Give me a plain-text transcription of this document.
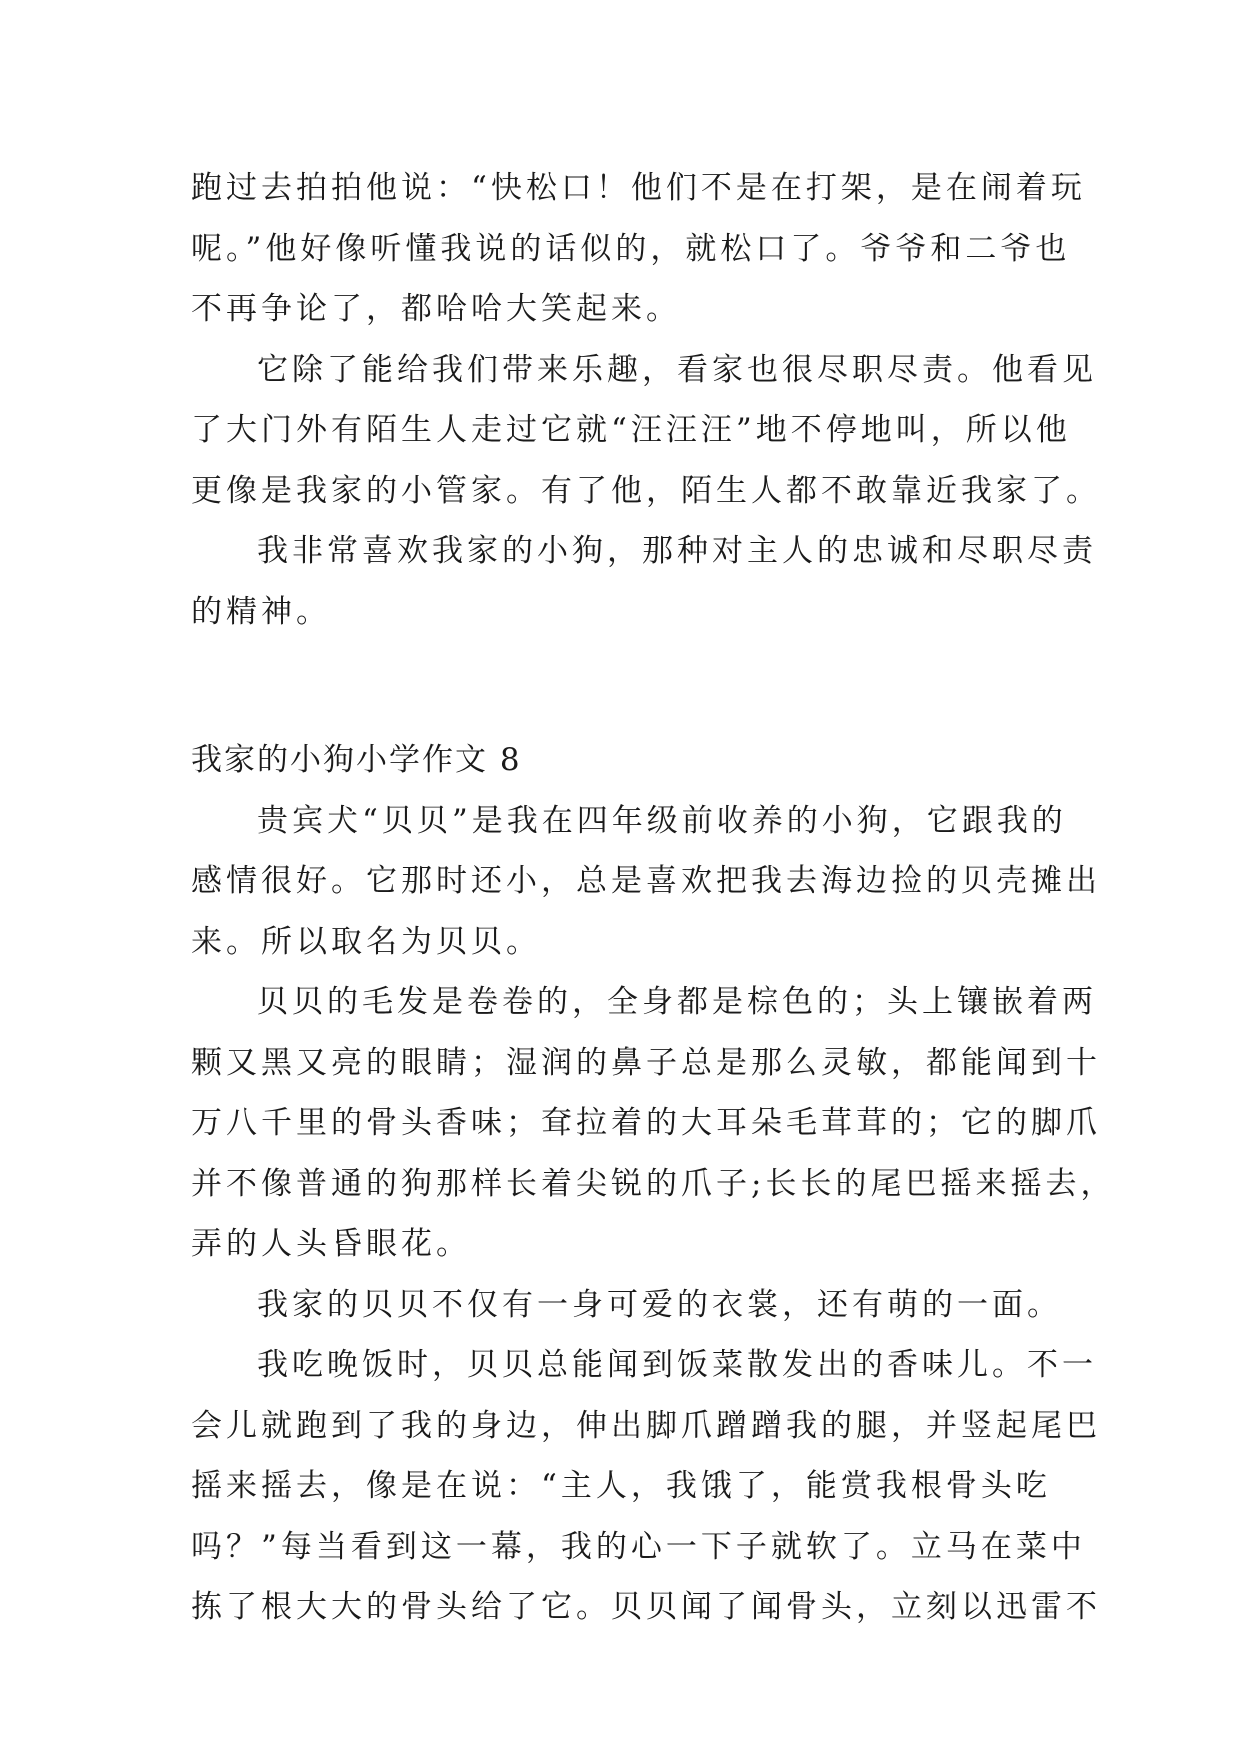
跑过去拍拍他说：“快松口！他们不是在打架，是在闹着玩
呢。”他好像听懂我说的话似的，就松口了。爷爷和二爷也
不再争论了，都哈哈大笑起来。
它除了能给我们带来乐趣，看家也很尽职尽责。他看见
了大门外有陌生人走过它就“汪汪汪”地不停地叫，所以他
更像是我家的小管家。有了他，陌生人都不敢靠近我家了。
我非常喜欢我家的小狗，那种对主人的忠诚和尽职尽责
的精神。
我家的小狗小学作文 8
贵宾犬“贝贝”是我在四年级前收养的小狗，它跟我的
感情很好。它那时还小，总是喜欢把我去海边捡的贝壳摊出
来。所以取名为贝贝。
贝贝的毛发是卷卷的，全身都是棕色的；头上镶嵌着两
颗又黑又亮的眼睛；湿润的鼻子总是那么灵敏，都能闻到十
万八千里的骨头香味；耷拉着的大耳朵毛茸茸的；它的脚爪
并不像普通的狗那样长着尖锐的爪子;长长的尾巴摇来摇去，
弄的人头昏眼花。
我家的贝贝不仅有一身可爱的衣裳，还有萌的一面。
我吃晚饭时，贝贝总能闻到饭菜散发出的香味儿。不一
会儿就跑到了我的身边，伸出脚爪蹭蹭我的腿，并竖起尾巴
摇来摇去，像是在说：“主人，我饿了，能赏我根骨头吃
吗？”每当看到这一幕，我的心一下子就软了。立马在菜中
拣了根大大的骨头给了它。贝贝闻了闻骨头，立刻以迅雷不
